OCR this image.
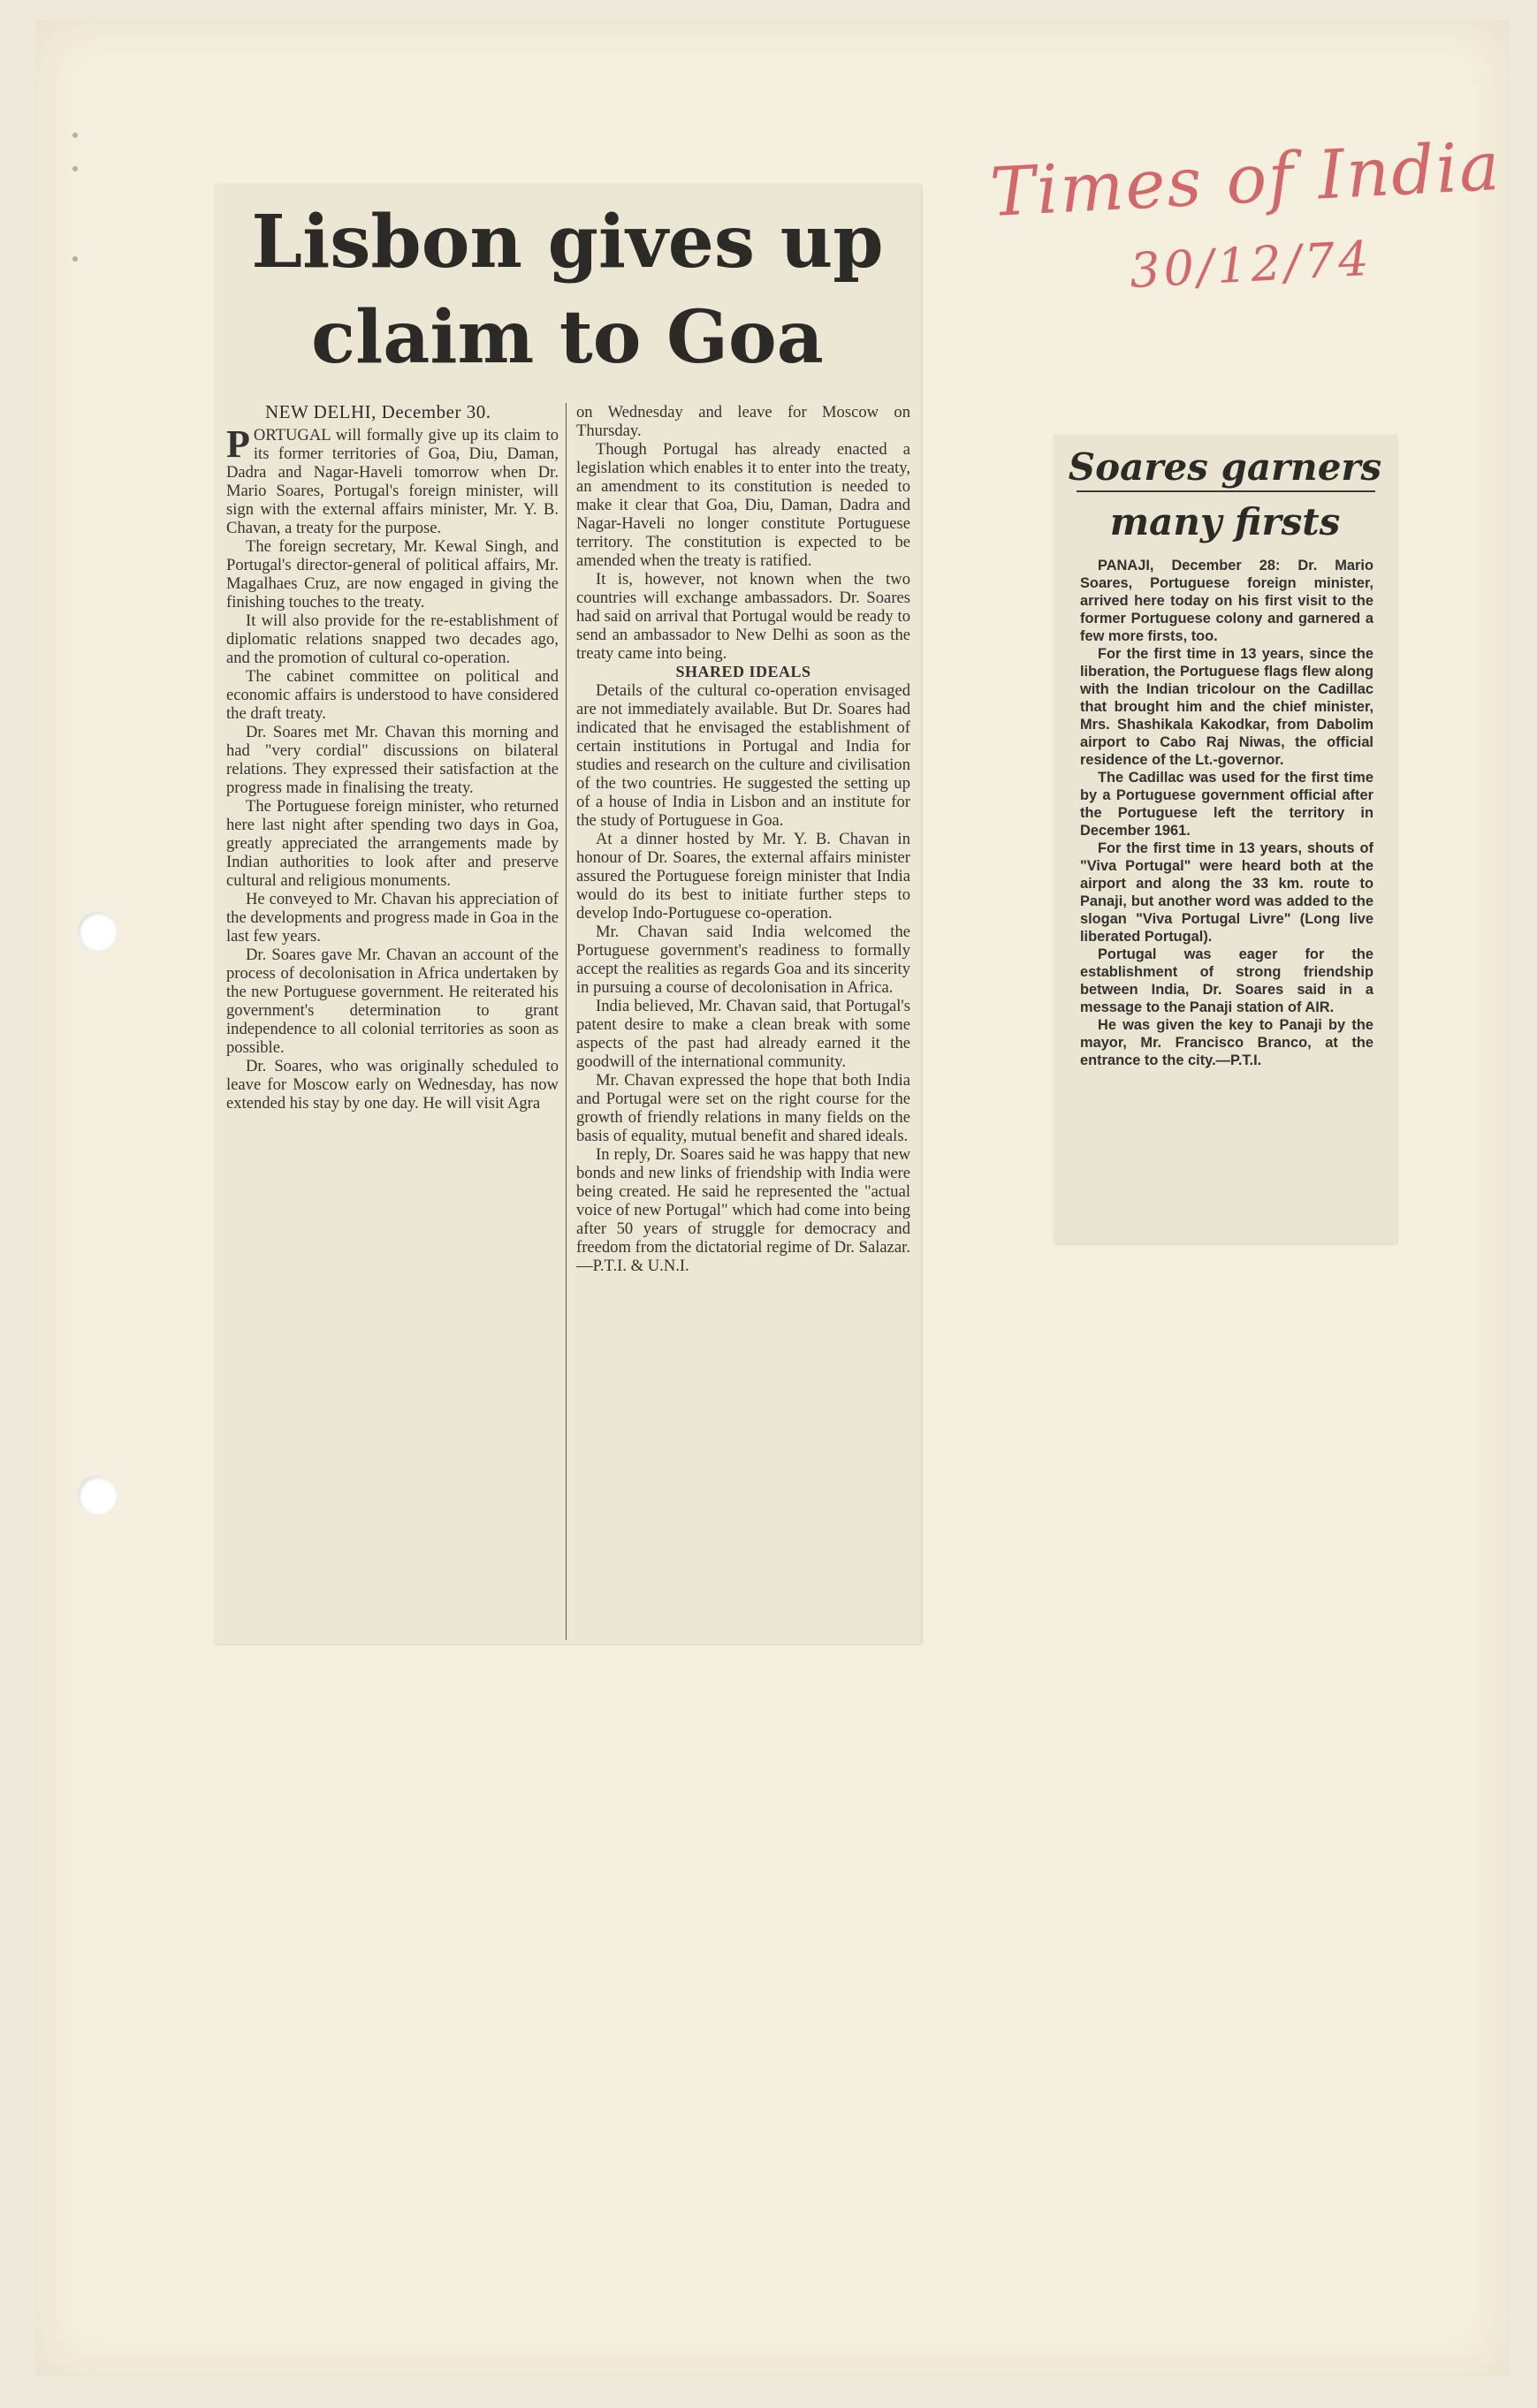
Times of India
30/12/74
Lisbon gives up
claim to Goa
NEW DELHI, December 30.

PORTUGAL will formally give up its claim to its former territories of Goa, Diu, Daman, Dadra and Nagar-Haveli tomorrow when Dr. Mario Soares, Portugal's foreign minister, will sign with the external affairs minister, Mr. Y. B. Chavan, a treaty for the purpose.

The foreign secretary, Mr. Kewal Singh, and Portugal's director-general of political affairs, Mr. Magalhaes Cruz, are now engaged in giving the finishing touches to the treaty.

It will also provide for the re-establishment of diplomatic relations snapped two decades ago, and the promotion of cultural co-operation.

The cabinet committee on political and economic affairs is understood to have considered the draft treaty.

Dr. Soares met Mr. Chavan this morning and had "very cordial" discussions on bilateral relations. They expressed their satisfaction at the progress made in finalising the treaty.

The Portuguese foreign minister, who returned here last night after spending two days in Goa, greatly appreciated the arrangements made by Indian authorities to look after and preserve cultural and religious monuments.

He conveyed to Mr. Chavan his appreciation of the developments and progress made in Goa in the last few years.

Dr. Soares gave Mr. Chavan an account of the process of decolonisation in Africa undertaken by the new Portuguese government. He reiterated his government's determination to grant independence to all colonial territories as soon as possible.

Dr. Soares, who was originally scheduled to leave for Moscow early on Wednesday, has now extended his stay by one day. He will visit Agra

on Wednesday and leave for Moscow on Thursday.

Though Portugal has already enacted a legislation which enables it to enter into the treaty, an amendment to its constitution is needed to make it clear that Goa, Diu, Daman, Dadra and Nagar-Haveli no longer constitute Portuguese territory. The constitution is expected to be amended when the treaty is ratified.

It is, however, not known when the two countries will exchange ambassadors. Dr. Soares had said on arrival that Portugal would be ready to send an ambassador to New Delhi as soon as the treaty came into being.

SHARED IDEALS

Details of the cultural co-operation envisaged are not immediately available. But Dr. Soares had indicated that he envisaged the establishment of certain institutions in Portugal and India for studies and research on the culture and civilisation of the two countries. He suggested the setting up of a house of India in Lisbon and an institute for the study of Portuguese in Goa.

At a dinner hosted by Mr. Y. B. Chavan in honour of Dr. Soares, the external affairs minister assured the Portuguese foreign minister that India would do its best to initiate further steps to develop Indo-Portuguese co-operation.

Mr. Chavan said India welcomed the Portuguese government's readiness to formally accept the realities as regards Goa and its sincerity in pursuing a course of decolonisation in Africa.

India believed, Mr. Chavan said, that Portugal's patent desire to make a clean break with some aspects of the past had already earned it the goodwill of the international community.

Mr. Chavan expressed the hope that both India and Portugal were set on the right course for the growth of friendly relations in many fields on the basis of equality, mutual benefit and shared ideals.

In reply, Dr. Soares said he was happy that new bonds and new links of friendship with India were being created. He said he represented the "actual voice of new Portugal" which had come into being after 50 years of struggle for democracy and freedom from the dictatorial regime of Dr. Salazar.—P.T.I. & U.N.I.

Soares garners
many firsts

PANAJI, December 28: Dr. Mario Soares, Portuguese foreign minister, arrived here today on his first visit to the former Portuguese colony and garnered a few more firsts, too.

For the first time in 13 years, since the liberation, the Portuguese flags flew along with the Indian tricolour on the Cadillac that brought him and the chief minister, Mrs. Shashikala Kakodkar, from Dabolim airport to Cabo Raj Niwas, the official residence of the Lt.-governor.

The Cadillac was used for the first time by a Portuguese government official after the Portuguese left the territory in December 1961.

For the first time in 13 years, shouts of "Viva Portugal" were heard both at the airport and along the 33 km. route to Panaji, but another word was added to the slogan "Viva Portugal Livre" (Long live liberated Portugal).

Portugal was eager for the establishment of strong friendship between India, Dr. Soares said in a message to the Panaji station of AIR.

He was given the key to Panaji by the mayor, Mr. Francisco Branco, at the entrance to the city.—P.T.I.
